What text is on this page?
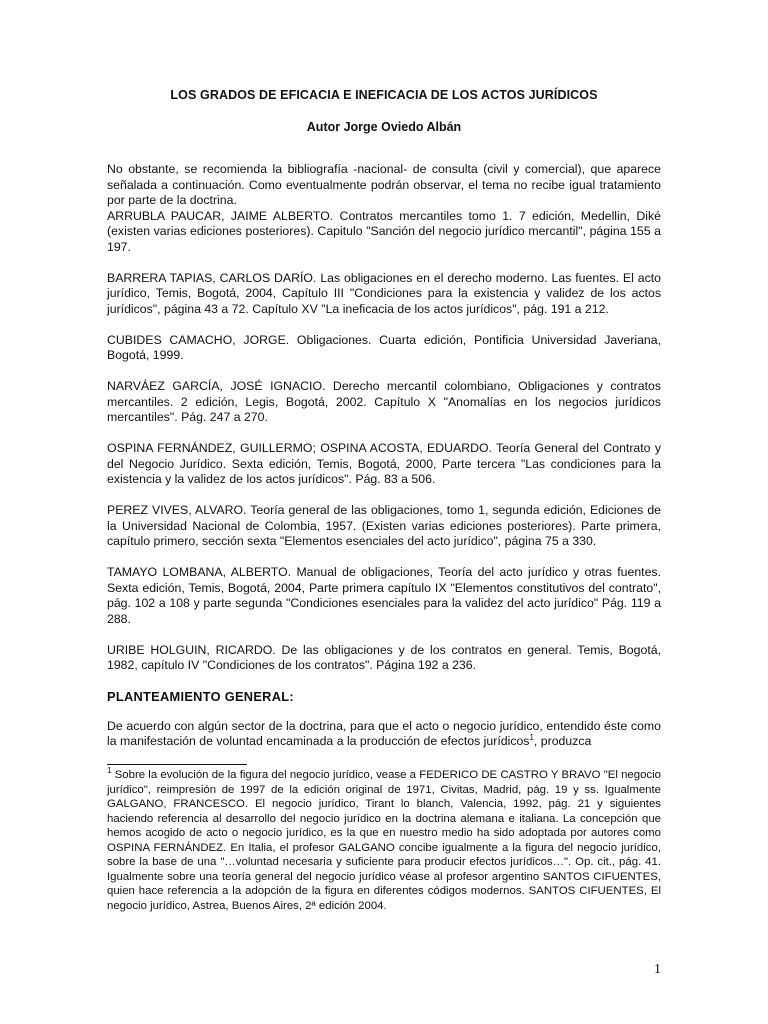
LOS GRADOS DE EFICACIA E INEFICACIA DE LOS ACTOS JURÍDICOS
Autor Jorge Oviedo Albán

No obstante, se recomienda la bibliografía -nacional- de consulta (civil y comercial), que aparece señalada a continuación. Como eventualmente podrán observar, el tema no recibe igual tratamiento por parte de la doctrina.

ARRUBLA PAUCAR, JAIME ALBERTO. Contratos mercantiles tomo 1. 7 edición, Medellin, Diké (existen varias ediciones posteriores). Capitulo "Sanción del negocio jurídico mercantil", página 155 a 197.

BARRERA TAPIAS, CARLOS DARÍO. Las obligaciones en el derecho moderno. Las fuentes. El acto jurídico, Temis, Bogotá, 2004, Capítulo III "Condiciones para la existencia y validez de los actos jurídicos", página 43 a 72. Capítulo XV "La ineficacia de los actos jurídicos", pág. 191 a 212.

CUBIDES CAMACHO, JORGE. Obligaciones. Cuarta edición, Pontificia Universidad Javeriana, Bogotá, 1999.

NARVÁEZ GARCÍA, JOSÉ IGNACIO. Derecho mercantil colombiano, Obligaciones y contratos mercantiles. 2 edición, Legis, Bogotá, 2002. Capítulo X "Anomalías en los negocios jurídicos mercantiles". Pág. 247 a 270.

OSPINA FERNÁNDEZ, GUILLERMO; OSPINA ACOSTA, EDUARDO. Teoría General del Contrato y del Negocio Jurídico. Sexta edición, Temis, Bogotá, 2000, Parte tercera "Las condiciones para la existencia y la validez de los actos jurídicos". Pág. 83 a 506.

PEREZ VIVES, ALVARO. Teoría general de las obligaciones, tomo 1, segunda edición, Ediciones de la Universidad Nacional de Colombia, 1957. (Existen varias ediciones posteriores). Parte primera, capítulo primero, sección sexta "Elementos esenciales del acto jurídico", página 75 a 330.

TAMAYO LOMBANA, ALBERTO. Manual de obligaciones, Teoría del acto jurídico y otras fuentes. Sexta edición, Temis, Bogotá, 2004, Parte primera capítulo IX "Elementos constitutivos del contrato", pág. 102 a 108 y parte segunda "Condiciones esenciales para la validez del acto jurídico" Pág. 119 a 288.

URIBE HOLGUIN, RICARDO. De las obligaciones y de los contratos en general. Temis, Bogotá, 1982, capítulo IV "Condiciones de los contratos". Página 192 a 236.

PLANTEAMIENTO GENERAL:

De acuerdo con algún sector de la doctrina, para que el acto o negocio jurídico, entendido éste como la manifestación de voluntad encaminada a la producción de efectos jurídicos$^1$, produzca

$^1$ Sobre la evolución de la figura del negocio jurídico, vease a FEDERICO DE CASTRO Y BRAVO "El negocio jurídico", reimpresión de 1997 de la edición original de 1971, Civitas, Madrid, pág. 19 y ss. Igualmente GALGANO, FRANCESCO. El negocio jurídico, Tirant lo blanch, Valencia, 1992, pág. 21 y siguientes haciendo referencia al desarrollo del negocio jurídico en la doctrina alemana e italiana. La concepción que hemos acogido de acto o negocio jurídico, es la que en nuestro medio ha sido adoptada por autores como OSPINA FERNÁNDEZ. En Italia, el profesor GALGANO concibe igualmente a la figura del negocio jurídico, sobre la base de una "…voluntad necesaria y suficiente para producir efectos jurídicos…". Op. cit., pág. 41. Igualmente sobre una teoría general del negocio jurídico véase al profesor argentino SANTOS CIFUENTES, quien hace referencia a la adopción de la figura en diferentes códigos modernos. SANTOS CIFUENTES, El negocio jurídico, Astrea, Buenos Aires, 2ª edición 2004.
1
